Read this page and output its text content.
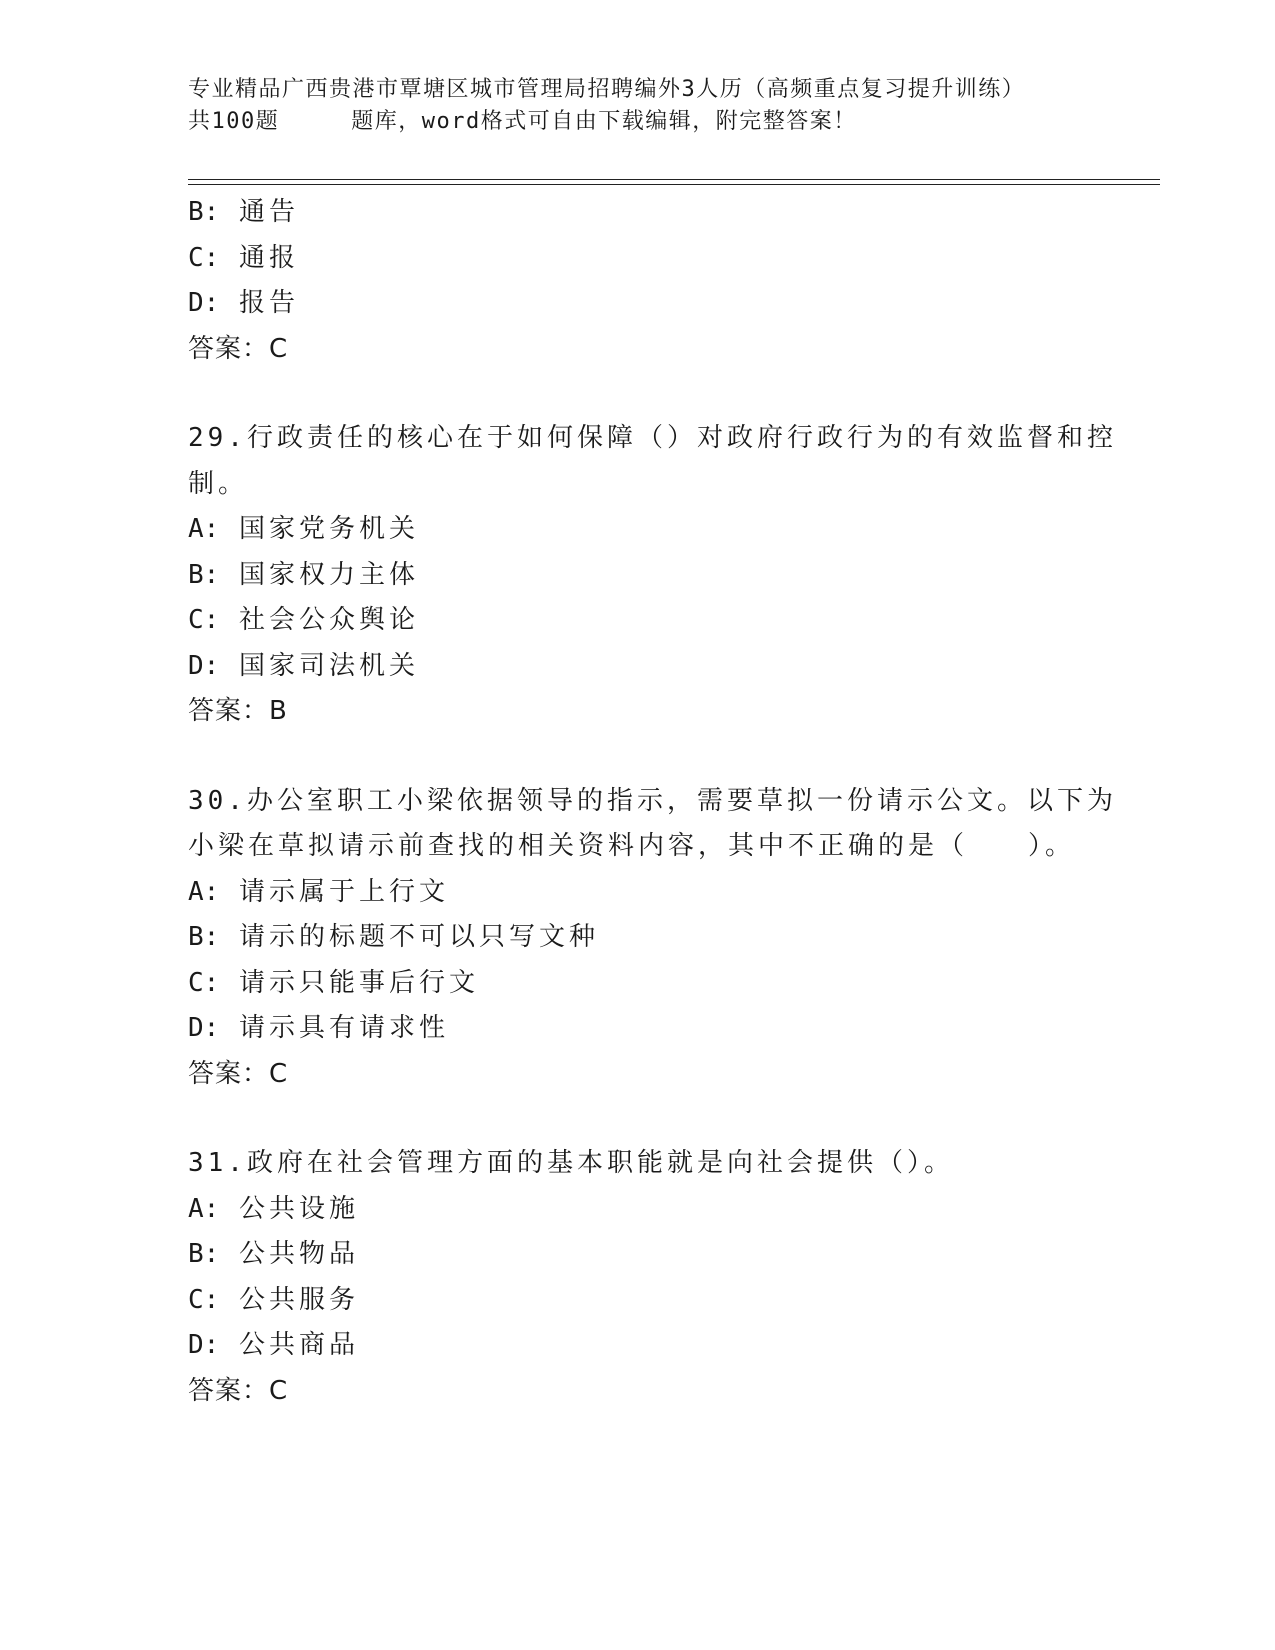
专业精品广西贵港市覃塘区城市管理局招聘编外3人历（高频重点复习提升训练）
共100题	题库，word格式可自由下载编辑，附完整答案！
B: 通告
C: 通报
D: 报告
答案：C
29.行政责任的核心在于如何保障（）对政府行政行为的有效监督和控制。
A: 国家党务机关
B: 国家权力主体
C: 社会公众舆论
D: 国家司法机关
答案：B
30.办公室职工小梁依据领导的指示，需要草拟一份请示公文。以下为小梁在草拟请示前查找的相关资料内容，其中不正确的是（　　）。
A: 请示属于上行文
B: 请示的标题不可以只写文种
C: 请示只能事后行文
D: 请示具有请求性
答案：C
31.政府在社会管理方面的基本职能就是向社会提供（）。
A: 公共设施
B: 公共物品
C: 公共服务
D: 公共商品
答案：C
